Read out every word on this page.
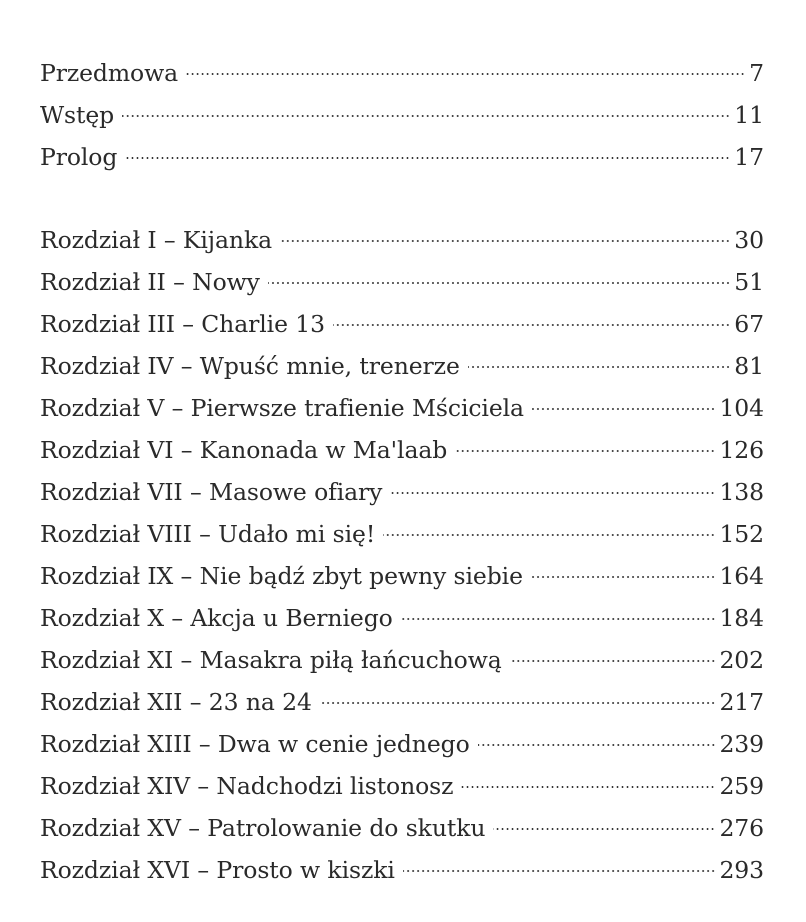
Przedmowa	7
Wstęp	11
Prolog	17
Rozdział I – Kijanka	30
Rozdział II – Nowy	51
Rozdział III – Charlie 13	67
Rozdział IV – Wpuść mnie, trenerze	81
Rozdział V – Pierwsze trafienie Mściciela	104
Rozdział VI – Kanonada w Ma'laab	126
Rozdział VII – Masowe ofiary	138
Rozdział VIII – Udało mi się!	152
Rozdział IX – Nie bądź zbyt pewny siebie	164
Rozdział X – Akcja u Berniego	184
Rozdział XI – Masakra piłą łańcuchową	202
Rozdział XII – 23 na 24	217
Rozdział XIII – Dwa w cenie jednego	239
Rozdział XIV – Nadchodzi listonosz	259
Rozdział XV – Patrolowanie do skutku	276
Rozdział XVI – Prosto w kiszki	293
